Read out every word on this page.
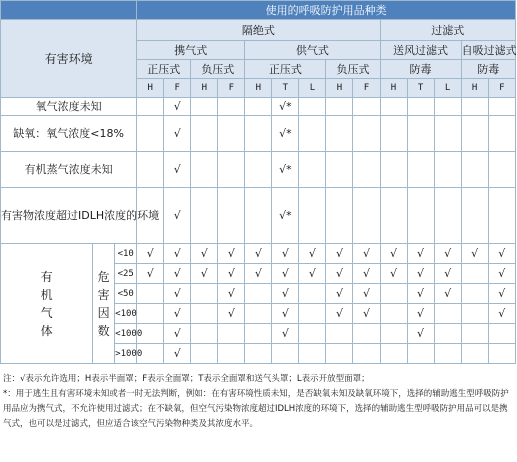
			使用的呼吸防护用品种类													
有害环境			隔绝式									过滤式				
			携气式				供气式					送风过滤式			自吸过滤式	
			正压式		负压式		正压式			负压式		防毒			防毒	
			H	F	H	F	H	T	L	H	F	H	T	L	H	F
氧气浓度未知				√				√*								
缺氧：氧气浓度<18%				√				√*								
有机蒸气浓度未知				√				√*								
有害物浓度超过IDLH浓度的环境				√				√*								
有
机
气
体	危
害
因
数	<10	√	√	√	√	√	√	√	√	√	√	√	√	√	√
		<25	√	√	√	√	√	√	√	√	√	√	√	√		√
		<50		√		√		√		√	√		√	√		√
		<100		√		√		√		√	√		√			√
		<1000		√				√					√			
		>1000		√												

注：√表示允许选用；H表示半面罩；F表示全面罩；T表示全面罩和送气头罩；L表示开放型面罩；

*：用于逃生且有害环境未知或者一时无法判断，例如：在有害环境性质未知，是否缺氧未知及缺氧环境下，选择的辅助逃生型呼吸防护用品应为携气式，不允许使用过滤式；在不缺氧，但空气污染物浓度超过IDLH浓度的环境下，选择的辅助逃生型呼吸防护用品可以是携气式，也可以是过滤式，但应适合该空气污染物种类及其浓度水平。
